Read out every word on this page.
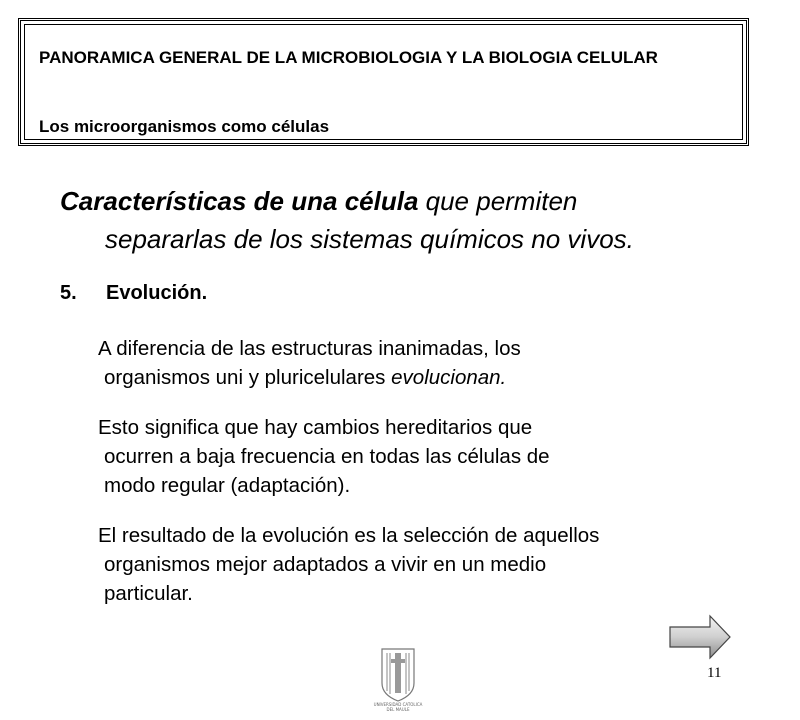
PANORAMICA GENERAL DE LA MICROBIOLOGIA Y LA BIOLOGIA CELULAR

Los microorganismos como células

Características de una célula que permiten
separarlas de los sistemas químicos no vivos.

5. Evolución.

A diferencia de las estructuras inanimadas, los
organismos uni y pluricelulares evolucionan.

Esto significa que hay cambios hereditarios que
ocurren a baja frecuencia en todas las células de
modo regular (adaptación).

El resultado de la evolución es la selección de aquellos
organismos mejor adaptados a vivir en un medio
particular.

11
UNIVERSIDAD CATOLICA
DEL MAULE
